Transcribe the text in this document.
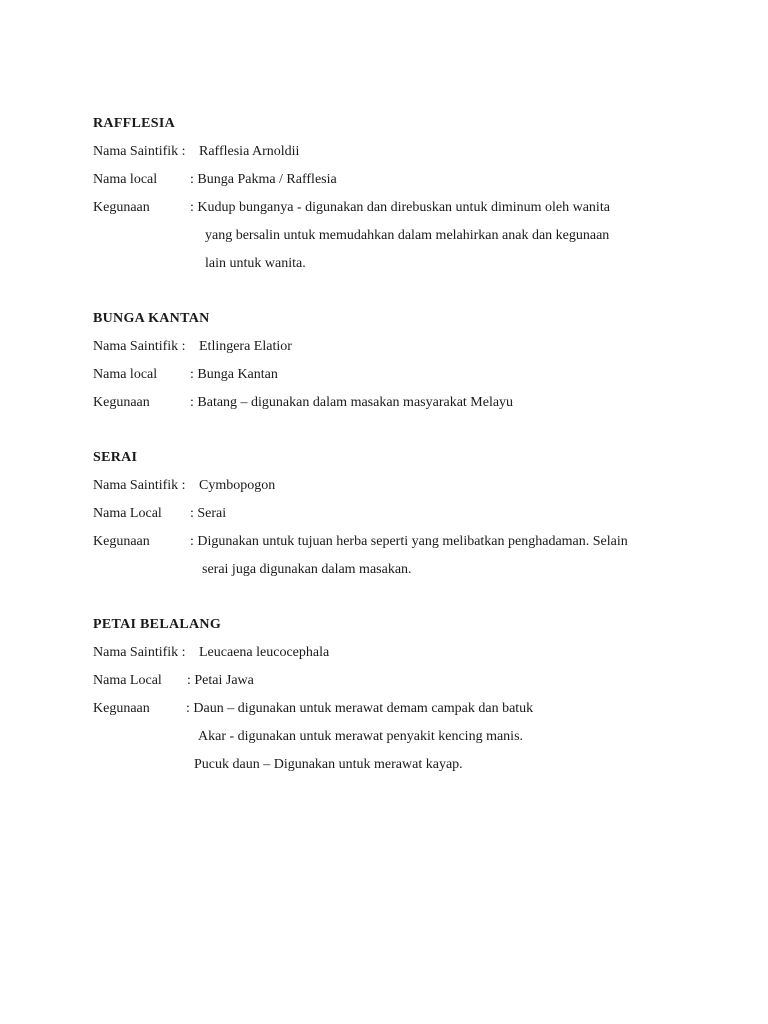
RAFFLESIA
Nama Saintifik : Rafflesia Arnoldii
Nama local : Bunga Pakma / Rafflesia
Kegunaan	: Kudup bunganya - digunakan dan direbuskan untuk diminum oleh wanita
yang bersalin untuk memudahkan dalam melahirkan anak dan kegunaan
lain untuk wanita.
BUNGA KANTAN
Nama Saintifik : Etlingera Elatior
Nama local : Bunga Kantan
Kegunaan	: Batang – digunakan dalam masakan masyarakat Melayu
SERAI
Nama Saintifik : Cymbopogon
Nama Local : Serai
Kegunaan	: Digunakan untuk tujuan herba seperti yang melibatkan penghadaman. Selain
serai juga digunakan dalam masakan.
PETAI BELALANG
Nama Saintifik : Leucaena leucocephala
Nama Local : Petai Jawa
Kegunaan	: Daun – digunakan untuk merawat demam campak dan batuk
Akar - digunakan untuk merawat penyakit kencing manis.
Pucuk daun – Digunakan untuk merawat kayap.
